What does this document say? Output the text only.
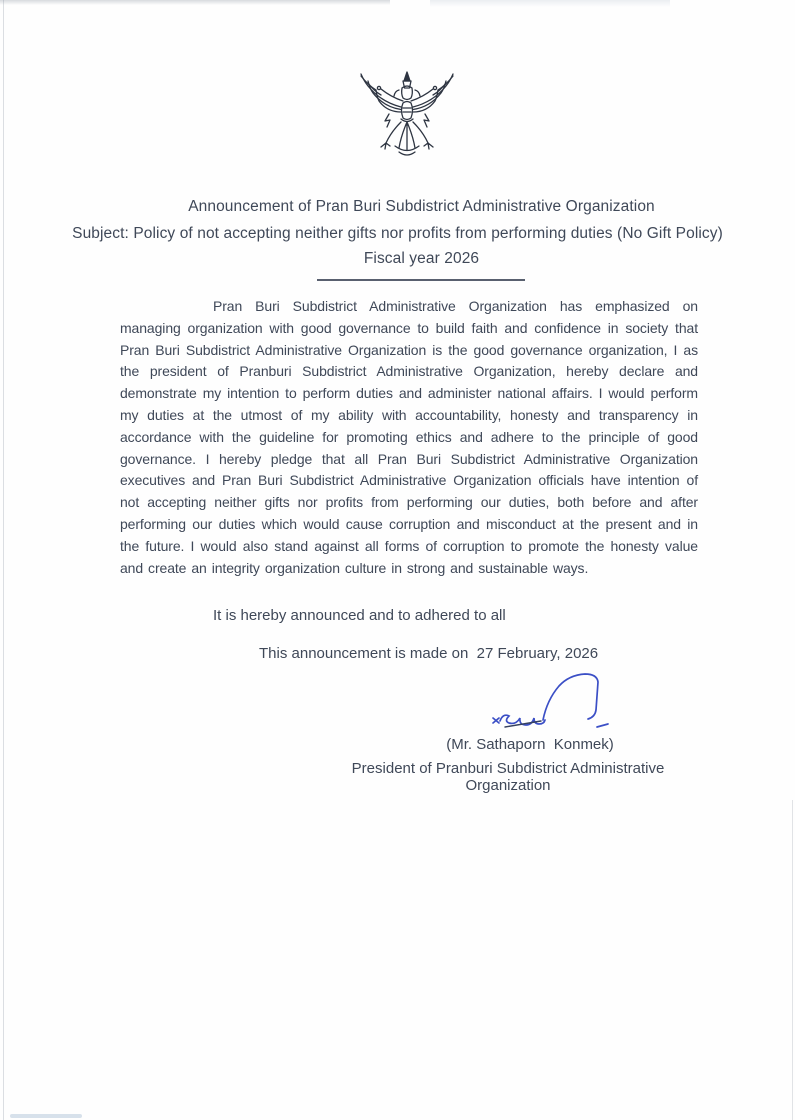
Announcement of Pran Buri Subdistrict Administrative Organization
Subject: Policy of not accepting neither gifts nor profits from performing duties (No Gift Policy)
Fiscal year 2026
Pran Buri Subdistrict Administrative Organization has emphasized on managing organization with good governance to build faith and confidence in society that Pran Buri Subdistrict Administrative Organization is the good governance organization, I as the president of Pranburi Subdistrict Administrative Organization, hereby declare and demonstrate my intention to perform duties and administer national affairs. I would perform my duties at the utmost of my ability with accountability, honesty and transparency in accordance with the guideline for promoting ethics and adhere to the principle of good governance. I hereby pledge that all Pran Buri Subdistrict Administrative Organization executives and Pran Buri Subdistrict Administrative Organization officials have intention of not accepting neither gifts nor profits from performing our duties, both before and after performing our duties which would cause corruption and misconduct at the present and in the future. I would also stand against all forms of corruption to promote the honesty value and create an integrity organization culture in strong and sustainable ways.
It is hereby announced and to adhered to all
This announcement is made on  27 February, 2026
(Mr. Sathaporn  Konmek)
President of Pranburi Subdistrict Administrative Organization
